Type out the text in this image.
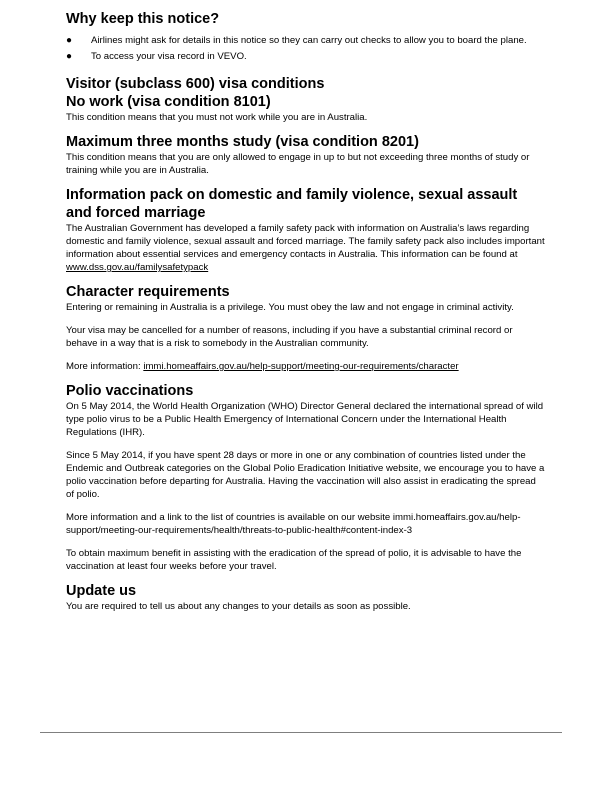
Why keep this notice?
● Airlines might ask for details in this notice so they can carry out checks to allow you to board the plane.
● To access your visa record in VEVO.
Visitor (subclass 600) visa conditions
No work (visa condition 8101)

This condition means that you must not work while you are in Australia.

Maximum three months study (visa condition 8201)

This condition means that you are only allowed to engage in up to but not exceeding three months of study or training while you are in Australia.

Information pack on domestic and family violence, sexual assault and forced marriage

The Australian Government has developed a family safety pack with information on Australia’s laws regarding domestic and family violence, sexual assault and forced marriage. The family safety pack also includes important information about essential services and emergency contacts in Australia. This information can be found at www.dss.gov.au/familysafetypack

Character requirements

Entering or remaining in Australia is a privilege. You must obey the law and not engage in criminal activity.

Your visa may be cancelled for a number of reasons, including if you have a substantial criminal record or behave in a way that is a risk to somebody in the Australian community.

More information: immi.homeaffairs.gov.au/help-support/meeting-our-requirements/character

Polio vaccinations

On 5 May 2014, the World Health Organization (WHO) Director General declared the international spread of wild type polio virus to be a Public Health Emergency of International Concern under the International Health Regulations (IHR).

Since 5 May 2014, if you have spent 28 days or more in one or any combination of countries listed under the Endemic and Outbreak categories on the Global Polio Eradication Initiative website, we encourage you to have a polio vaccination before departing for Australia. Having the vaccination will also assist in eradicating the spread of polio.

More information and a link to the list of countries is available on our website immi.homeaffairs.gov.au/help-support/meeting-our-requirements/health/threats-to-public-health#content-index-3

To obtain maximum benefit in assisting with the eradication of the spread of polio, it is advisable to have the vaccination at least four weeks before your travel.

Update us

You are required to tell us about any changes to your details as soon as possible.
